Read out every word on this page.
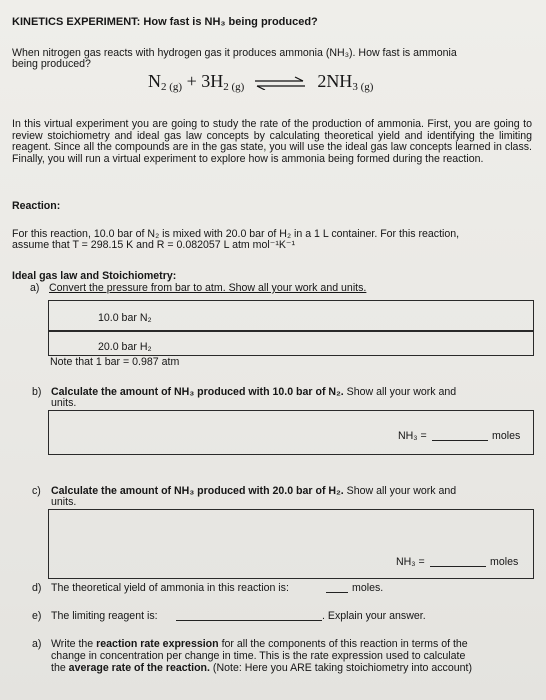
KINETICS EXPERIMENT: How fast is NH₃ being produced?
When nitrogen gas reacts with hydrogen gas it produces ammonia (NH₃). How fast is ammonia
being produced?
$N_{2 (g)} + 3H_{2 (g)}$ ⇌ $2NH_{3 (g)}$
In this virtual experiment you are going to study the rate of the production of ammonia. First, you are going to review stoichiometry and ideal gas law concepts by calculating theoretical yield and identifying the limiting reagent. Since all the compounds are in the gas state, you will use the ideal gas law concepts learned in class. Finally, you will run a virtual experiment to explore how is ammonia being formed during the reaction.
Reaction:
For this reaction, 10.0 bar of N₂ is mixed with 20.0 bar of H₂ in a 1 L container. For this reaction,
assume that T = 298.15 K and R = 0.082057 L atm mol⁻¹K⁻¹
Ideal gas law and Stoichiometry:
a) Convert the pressure from bar to atm. Show all your work and units.
10.0 bar N₂
20.0 bar H₂
Note that 1 bar = 0.987 atm
b) Calculate the amount of NH₃ produced with 10.0 bar of N₂. Show all your work and
units.
NH₃ =	moles
c) Calculate the amount of NH₃ produced with 20.0 bar of H₂. Show all your work and
units.
NH₃ =	moles
d) The theoretical yield of ammonia in this reaction is:	moles.
e) The limiting reagent is:	. Explain your answer.
a) Write the reaction rate expression for all the components of this reaction in terms of the
change in concentration per change in time. This is the rate expression used to calculate
the average rate of the reaction. (Note: Here you ARE taking stoichiometry into account)
